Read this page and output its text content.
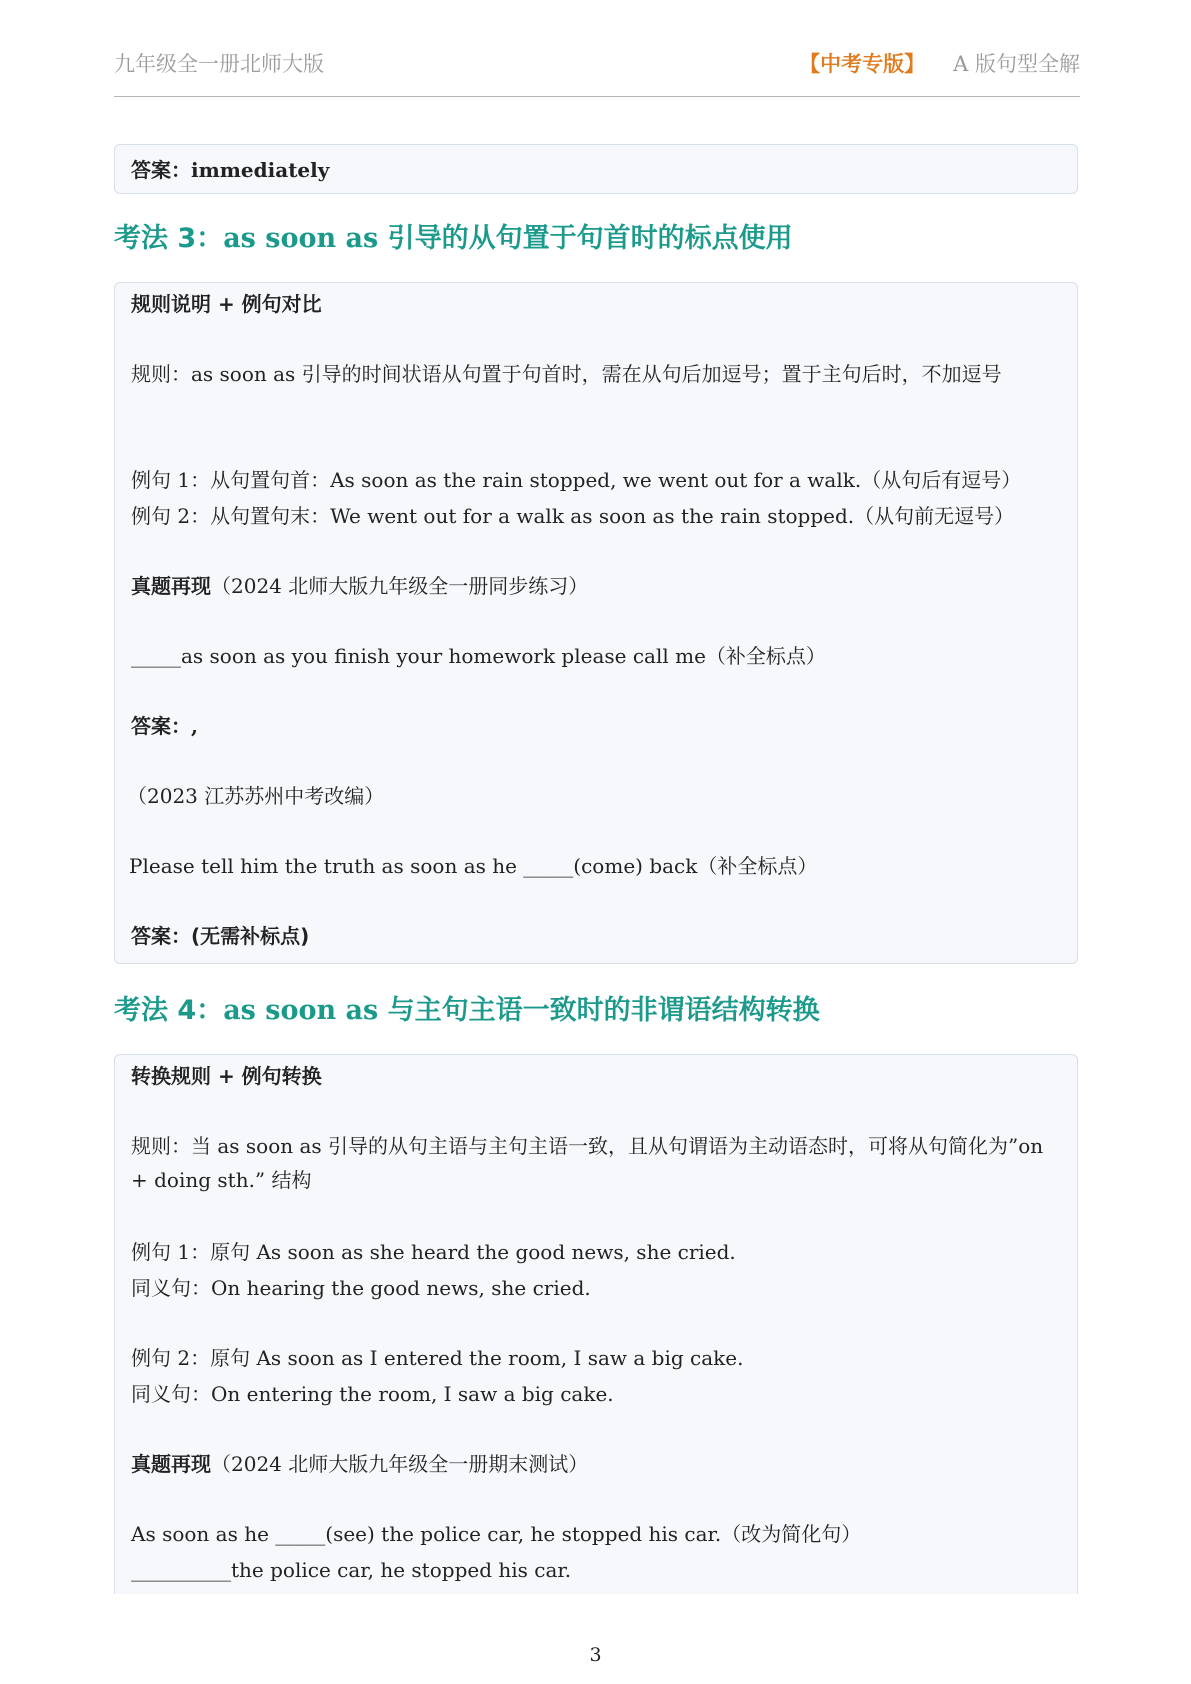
九年级全一册北师大版	【中考专版】 A 版句型全解
答案：immediately
考法 3：as soon as 引导的从句置于句首时的标点使用
规则说明 + 例句对比
规则：as soon as 引导的时间状语从句置于句首时，需在从句后加逗号；置于主句后时，不加逗号
例句 1：从句置句首：As soon as the rain stopped, we went out for a walk.（从句后有逗号）
例句 2：从句置句末：We went out for a walk as soon as the rain stopped.（从句前无逗号）
真题再现（2024 北师大版九年级全一册同步练习）
_____as soon as you finish your homework please call me（补全标点）
答案：,
（2023 江苏苏州中考改编）
Please tell him the truth as soon as he _____(come) back（补全标点）
答案：(无需补标点)
考法 4：as soon as 与主句主语一致时的非谓语结构转换
转换规则 + 例句转换
规则：当 as soon as 引导的从句主语与主句主语一致，且从句谓语为主动语态时，可将从句简化为”on + doing sth.” 结构
例句 1：原句 As soon as she heard the good news, she cried.
同义句：On hearing the good news, she cried.
例句 2：原句 As soon as I entered the room, I saw a big cake.
同义句：On entering the room, I saw a big cake.
真题再现（2024 北师大版九年级全一册期末测试）
As soon as he _____(see) the police car, he stopped his car.（改为简化句）
__________the police car, he stopped his car.
3
